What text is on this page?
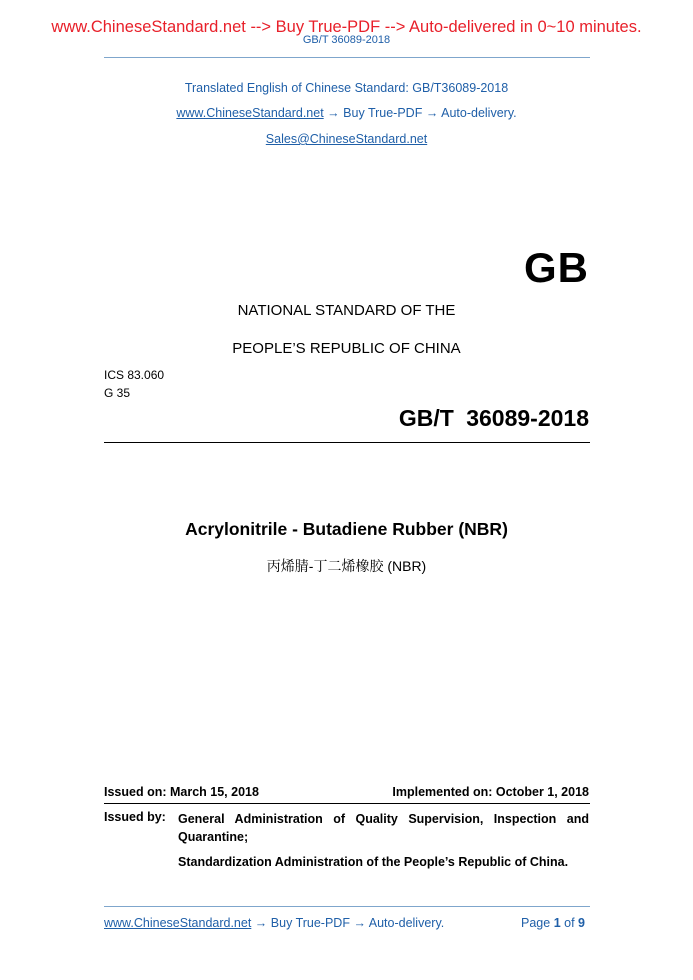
www.ChineseStandard.net --> Buy True-PDF --> Auto-delivered in 0~10 minutes.
GB/T 36089-2018
Translated English of Chinese Standard: GB/T36089-2018
www.ChineseStandard.net → Buy True-PDF → Auto-delivery.
Sales@ChineseStandard.net
GB
NATIONAL STANDARD OF THE
PEOPLE’S REPUBLIC OF CHINA
ICS 83.060
G 35
GB/T 36089-2018
Acrylonitrile - Butadiene Rubber (NBR)
丙烯腈-丁二烯橡胶 (NBR)
Issued on: March 15, 2018	Implemented on: October 1, 2018
Issued by: General Administration of Quality Supervision, Inspection and Quarantine;
Standardization Administration of the People’s Republic of China.
www.ChineseStandard.net → Buy True-PDF → Auto-delivery.	Page 1 of 9
